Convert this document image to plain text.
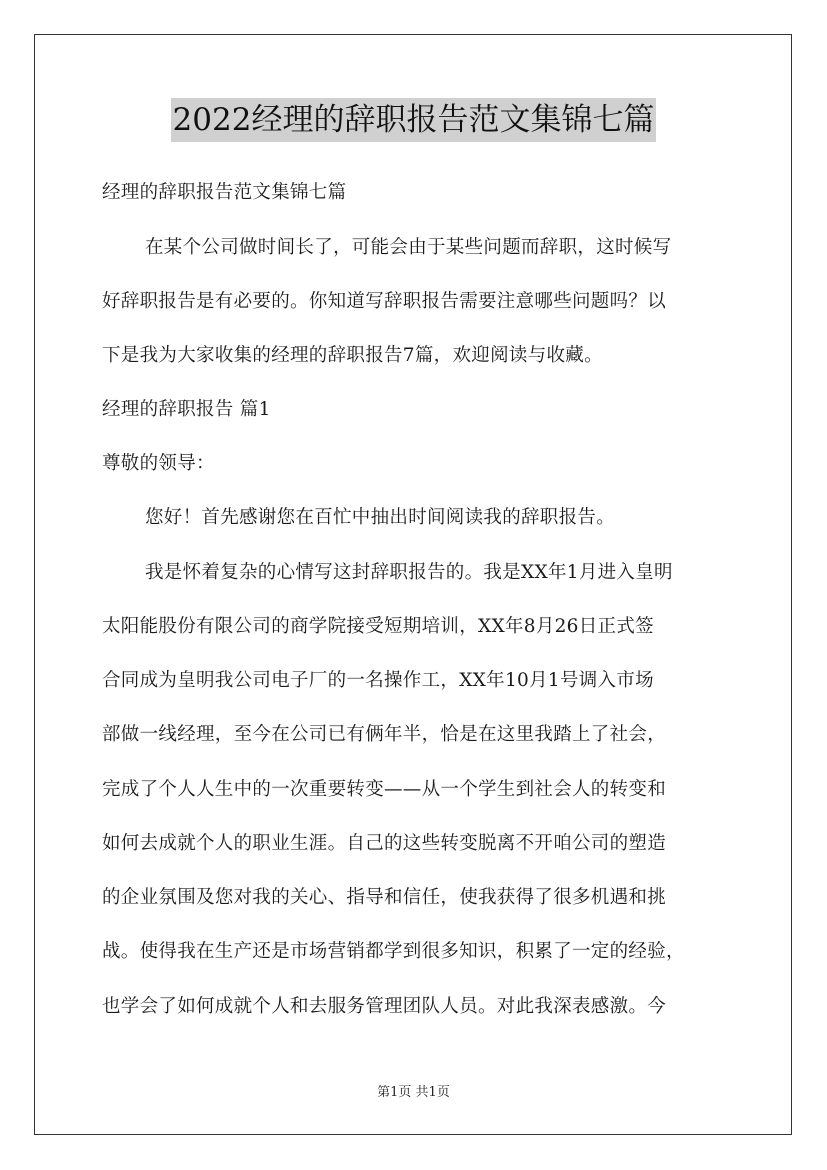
2022经理的辞职报告范文集锦七篇
经理的辞职报告范文集锦七篇
在某个公司做时间长了，可能会由于某些问题而辞职，这时候写
好辞职报告是有必要的。你知道写辞职报告需要注意哪些问题吗？以
下是我为大家收集的经理的辞职报告7篇，欢迎阅读与收藏。
经理的辞职报告 篇1
尊敬的领导：
您好！首先感谢您在百忙中抽出时间阅读我的辞职报告。
我是怀着复杂的心情写这封辞职报告的。我是XX年1月进入皇明
太阳能股份有限公司的商学院接受短期培训，XX年8月26日正式签
合同成为皇明我公司电子厂的一名操作工，XX年10月1号调入市场
部做一线经理，至今在公司已有俩年半，恰是在这里我踏上了社会，
完成了个人人生中的一次重要转变——从一个学生到社会人的转变和
如何去成就个人的职业生涯。自己的这些转变脱离不开咱公司的塑造
的企业氛围及您对我的关心、指导和信任，使我获得了很多机遇和挑
战。使得我在生产还是市场营销都学到很多知识，积累了一定的经验，
也学会了如何成就个人和去服务管理团队人员。对此我深表感激。今
第1页 共1页
